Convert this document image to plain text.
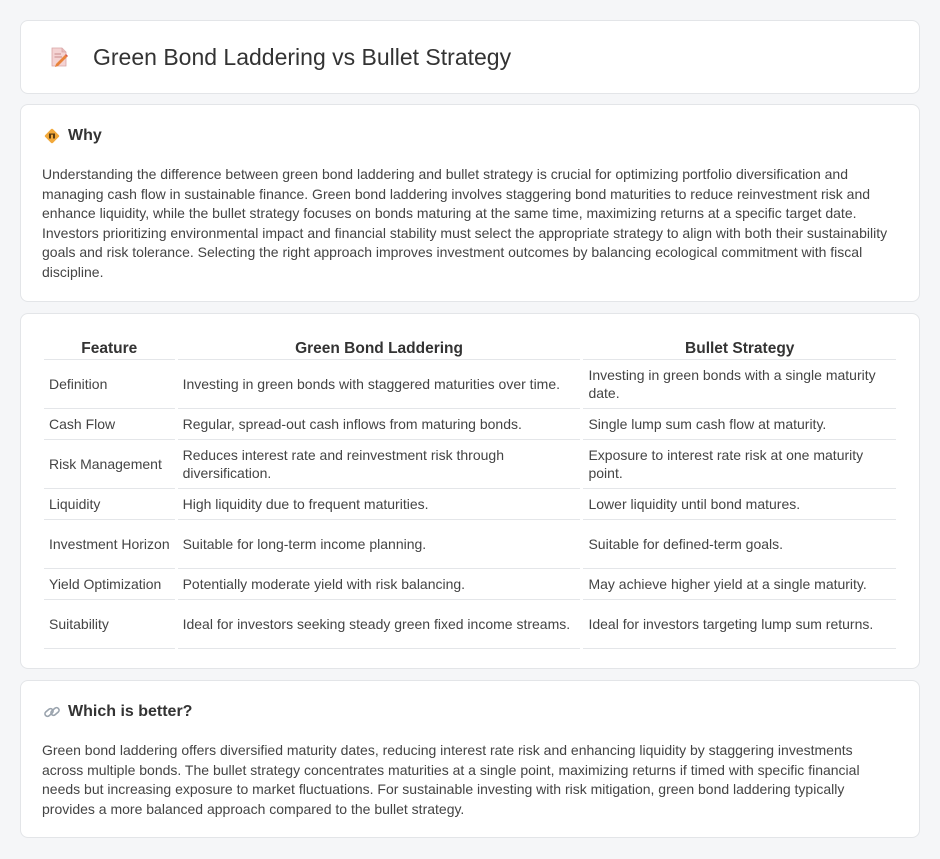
Green Bond Laddering vs Bullet Strategy
Why

Understanding the difference between green bond laddering and bullet strategy is crucial for optimizing portfolio diversification and managing cash flow in sustainable finance. Green bond laddering involves staggering bond maturities to reduce reinvestment risk and enhance liquidity, while the bullet strategy focuses on bonds maturing at the same time, maximizing returns at a specific target date. Investors prioritizing environmental impact and financial stability must select the appropriate strategy to align with both their sustainability goals and risk tolerance. Selecting the right approach improves investment outcomes by balancing ecological commitment with fiscal discipline.

Feature	Green Bond Laddering	Bullet Strategy
Definition	Investing in green bonds with staggered maturities over time.	Investing in green bonds with a single maturity date.
Cash Flow	Regular, spread-out cash inflows from maturing bonds.	Single lump sum cash flow at maturity.
Risk Management	Reduces interest rate and reinvestment risk through diversification.	Exposure to interest rate risk at one maturity point.
Liquidity	High liquidity due to frequent maturities.	Lower liquidity until bond matures.
Investment Horizon	Suitable for long-term income planning.	Suitable for defined-term goals.
Yield Optimization	Potentially moderate yield with risk balancing.	May achieve higher yield at a single maturity.
Suitability	Ideal for investors seeking steady green fixed income streams.	Ideal for investors targeting lump sum returns.
Which is better?

Green bond laddering offers diversified maturity dates, reducing interest rate risk and enhancing liquidity by staggering investments across multiple bonds. The bullet strategy concentrates maturities at a single point, maximizing returns if timed with specific financial needs but increasing exposure to market fluctuations. For sustainable investing with risk mitigation, green bond laddering typically provides a more balanced approach compared to the bullet strategy.
